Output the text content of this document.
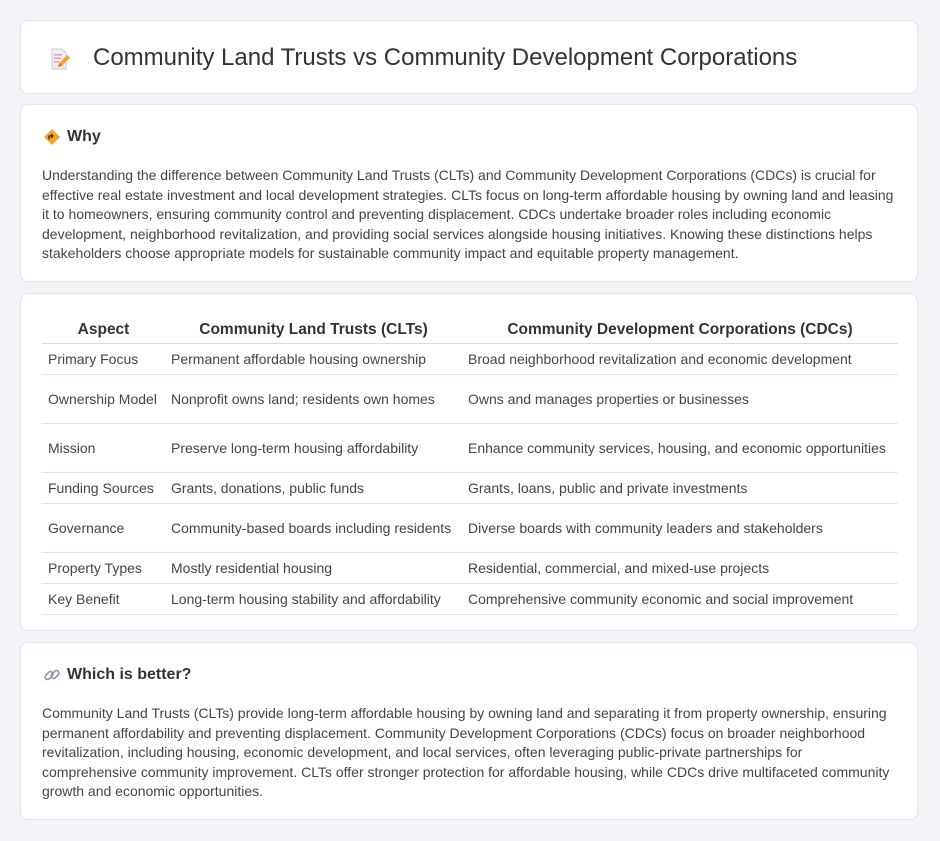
Community Land Trusts vs Community Development Corporations
Why

Understanding the difference between Community Land Trusts (CLTs) and Community Development Corporations (CDCs) is crucial for effective real estate investment and local development strategies. CLTs focus on long-term affordable housing by owning land and leasing it to homeowners, ensuring community control and preventing displacement. CDCs undertake broader roles including economic development, neighborhood revitalization, and providing social services alongside housing initiatives. Knowing these distinctions helps stakeholders choose appropriate models for sustainable community impact and equitable property management.

Aspect	Community Land Trusts (CLTs)	Community Development Corporations (CDCs)
Primary Focus	Permanent affordable housing ownership	Broad neighborhood revitalization and economic development
Ownership Model	Nonprofit owns land; residents own homes	Owns and manages properties or businesses
Mission	Preserve long-term housing affordability	Enhance community services, housing, and economic opportunities
Funding Sources	Grants, donations, public funds	Grants, loans, public and private investments
Governance	Community-based boards including residents	Diverse boards with community leaders and stakeholders
Property Types	Mostly residential housing	Residential, commercial, and mixed-use projects
Key Benefit	Long-term housing stability and affordability	Comprehensive community economic and social improvement
Which is better?

Community Land Trusts (CLTs) provide long-term affordable housing by owning land and separating it from property ownership, ensuring permanent affordability and preventing displacement. Community Development Corporations (CDCs) focus on broader neighborhood revitalization, including housing, economic development, and local services, often leveraging public-private partnerships for comprehensive community improvement. CLTs offer stronger protection for affordable housing, while CDCs drive multifaceted community growth and economic opportunities.
